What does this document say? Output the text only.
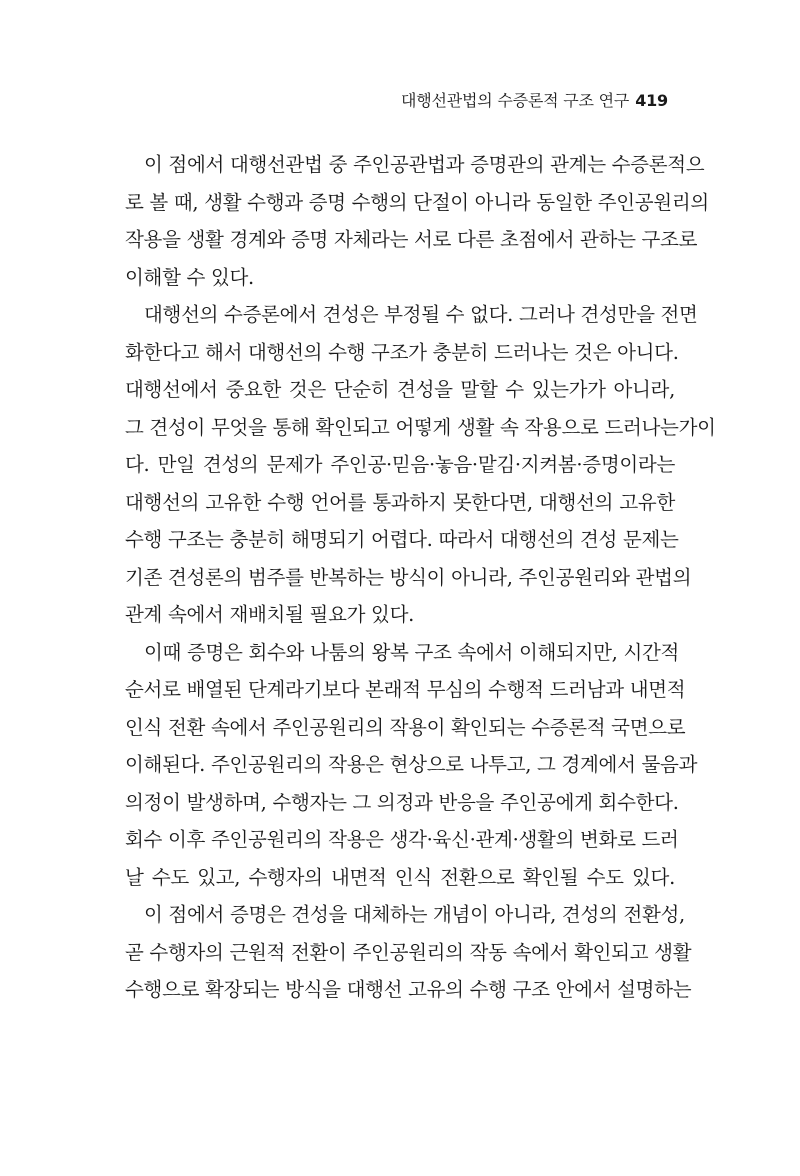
대행선관법의 수증론적 구조 연구 419
이 점에서 대행선관법 중 주인공관법과 증명관의 관계는 수증론적으
로 볼 때, 생활 수행과 증명 수행의 단절이 아니라 동일한 주인공원리의
작용을 생활 경계와 증명 자체라는 서로 다른 초점에서 관하는 구조로
이해할 수 있다.
대행선의 수증론에서 견성은 부정될 수 없다. 그러나 견성만을 전면
화한다고 해서 대행선의 수행 구조가 충분히 드러나는 것은 아니다.
대행선에서 중요한 것은 단순히 견성을 말할 수 있는가가 아니라,
그 견성이 무엇을 통해 확인되고 어떻게 생활 속 작용으로 드러나는가이
다. 만일 견성의 문제가 주인공·믿음·놓음·맡김·지켜봄·증명이라는
대행선의 고유한 수행 언어를 통과하지 못한다면, 대행선의 고유한
수행 구조는 충분히 해명되기 어렵다. 따라서 대행선의 견성 문제는
기존 견성론의 범주를 반복하는 방식이 아니라, 주인공원리와 관법의
관계 속에서 재배치될 필요가 있다.
이때 증명은 회수와 나툼의 왕복 구조 속에서 이해되지만, 시간적
순서로 배열된 단계라기보다 본래적 무심의 수행적 드러남과 내면적
인식 전환 속에서 주인공원리의 작용이 확인되는 수증론적 국면으로
이해된다. 주인공원리의 작용은 현상으로 나투고, 그 경계에서 물음과
의정이 발생하며, 수행자는 그 의정과 반응을 주인공에게 회수한다.
회수 이후 주인공원리의 작용은 생각·육신·관계·생활의 변화로 드러
날 수도 있고, 수행자의 내면적 인식 전환으로 확인될 수도 있다.
이 점에서 증명은 견성을 대체하는 개념이 아니라, 견성의 전환성,
곧 수행자의 근원적 전환이 주인공원리의 작동 속에서 확인되고 생활
수행으로 확장되는 방식을 대행선 고유의 수행 구조 안에서 설명하는
